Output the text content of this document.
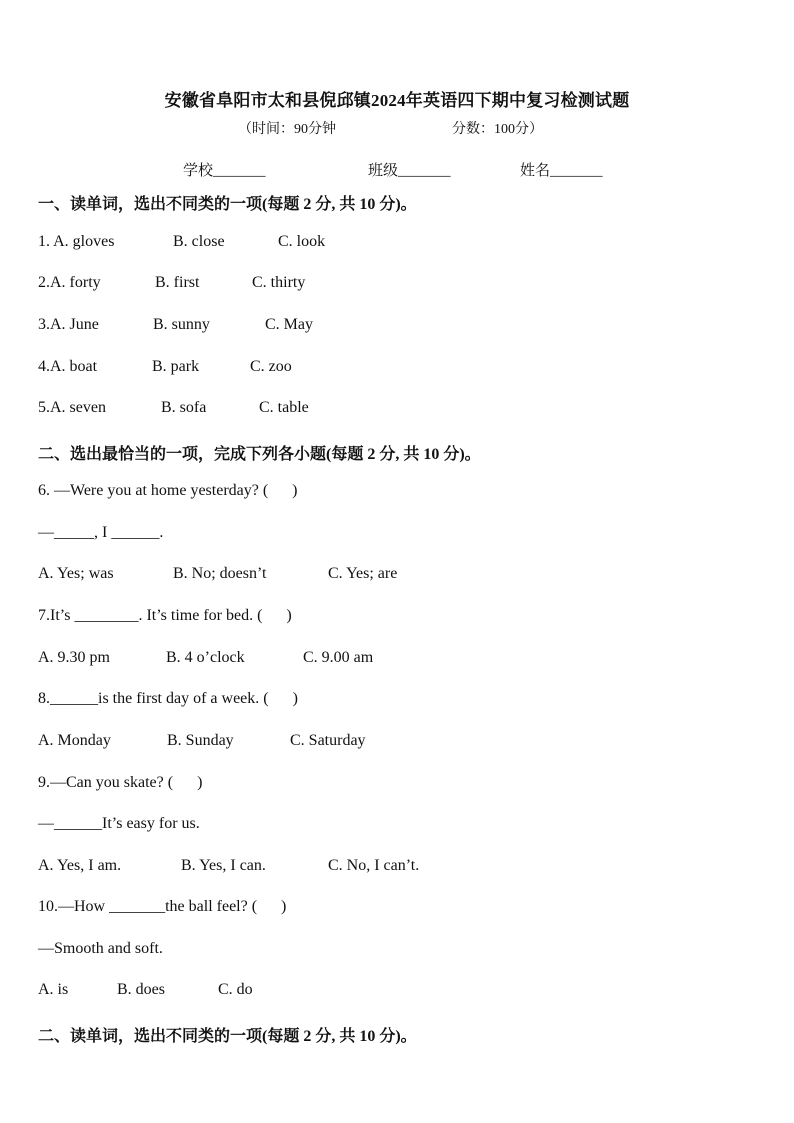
安徽省阜阳市太和县倪邱镇2024年英语四下期中复习检测试题
（时间：90分钟	分数：100分）
学校_______	班级_______	姓名_______
一、读单词，选出不同类的一项(每题 2 分, 共 10 分)。
1. A. gloves	B. close	C. look
2.A. forty	B. first	C. thirty
3.A. June	B. sunny	C. May
4.A. boat	B. park	C. zoo
5.A. seven	B. sofa	C. table
二、选出最恰当的一项，完成下列各小题(每题 2 分, 共 10 分)。
6. —Were you at home yesterday? (      )
—_____, I ______.
A. Yes; was	B. No; doesn’t	C. Yes; are
7.It’s ________. It’s time for bed. (      )
A. 9.30 pm	B. 4 o’clock	C. 9.00 am
8.______is the first day of a week. (      )
A. Monday	B. Sunday	C. Saturday
9.—Can you skate? (      )
—______It’s easy for us.
A. Yes, I am.	B. Yes, I can.	C. No, I can’t.
10.—How _______the ball feel? (      )
—Smooth and soft.
A. is	B. does	C. do
二、读单词，选出不同类的一项(每题 2 分, 共 10 分)。
